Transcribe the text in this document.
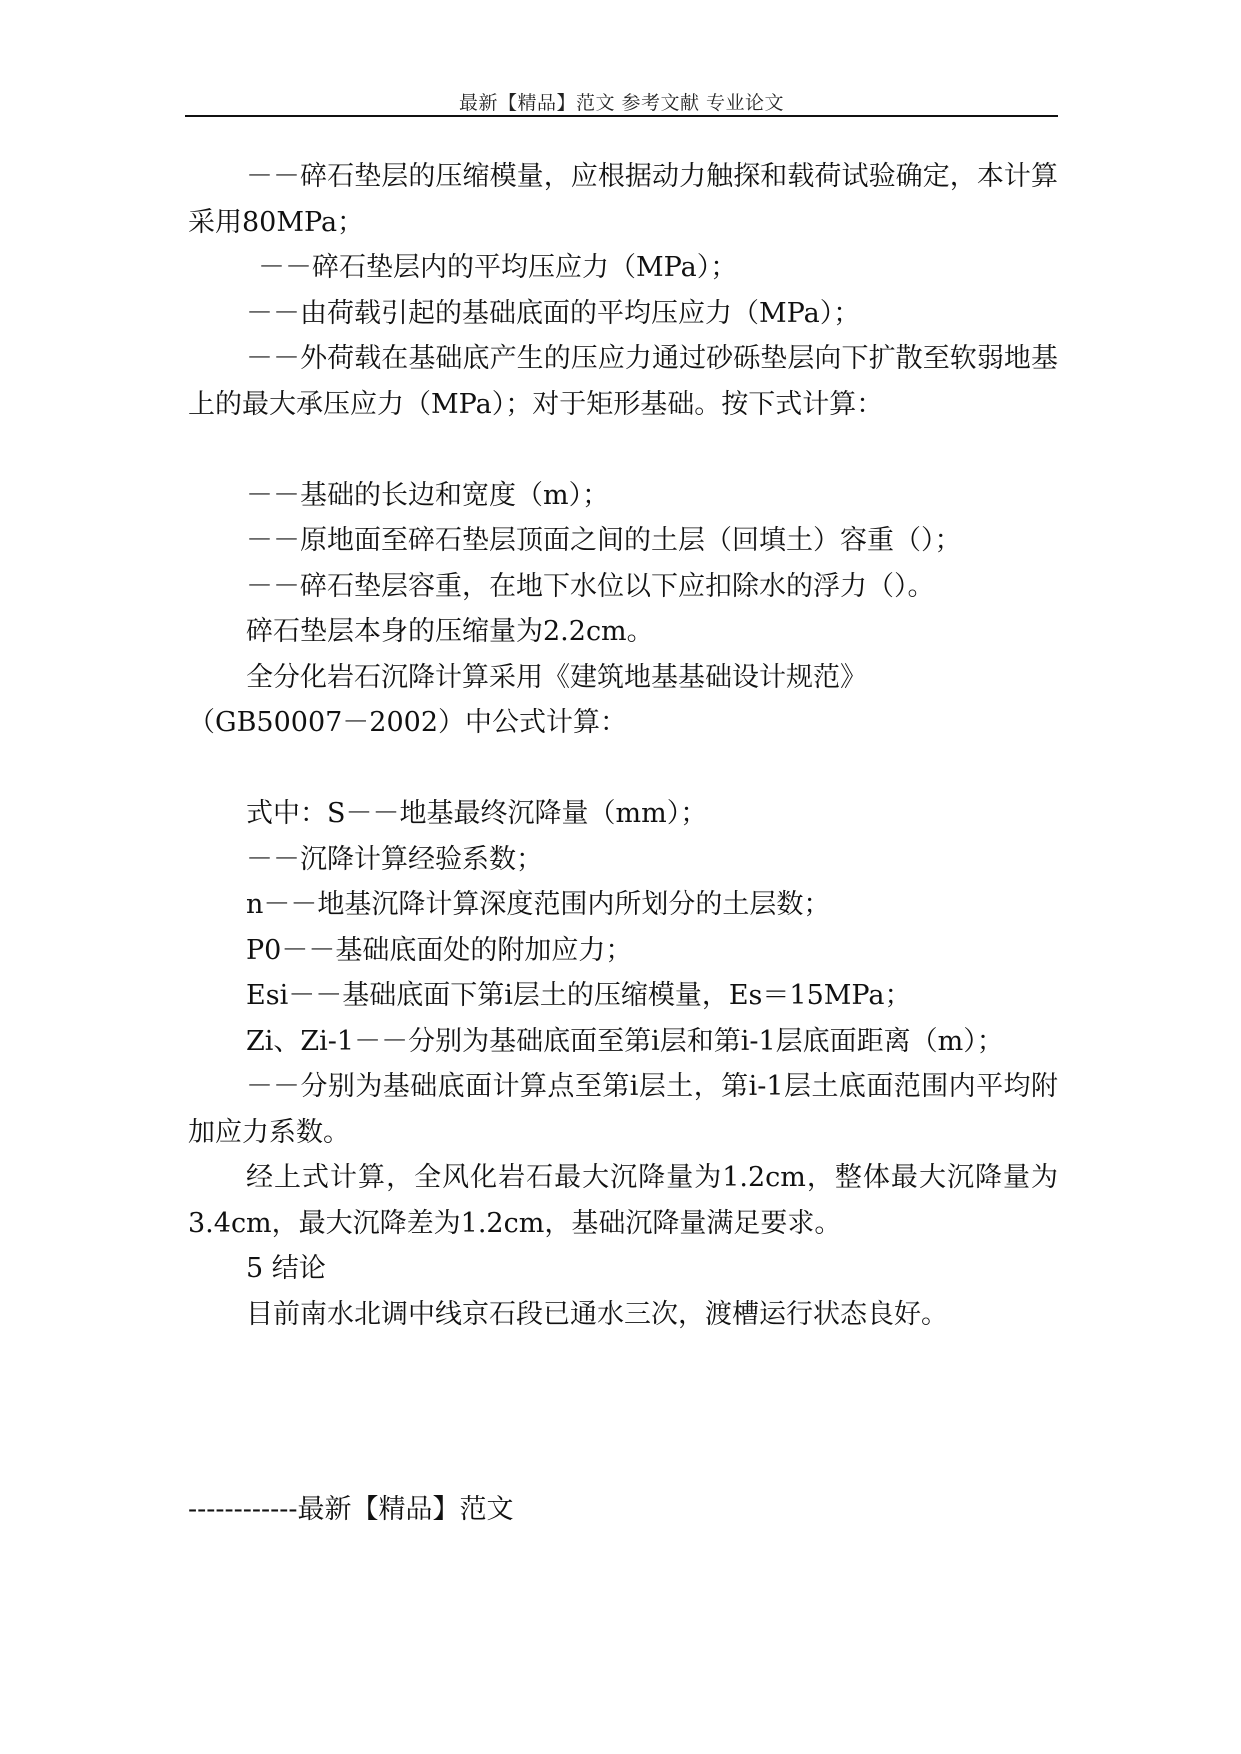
最新【精品】范文 参考文献 专业论文

－－碎石垫层的压缩模量，应根据动力触探和载荷试验确定，本计算采用80MPa；

－－碎石垫层内的平均压应力（MPa）；

－－由荷载引起的基础底面的平均压应力（MPa）；

－－外荷载在基础底产生的压应力通过砂砾垫层向下扩散至软弱地基上的最大承压应力（MPa）；对于矩形基础。按下式计算：

－－基础的长边和宽度（m）；

－－原地面至碎石垫层顶面之间的土层（回填土）容重（）；

－－碎石垫层容重，在地下水位以下应扣除水的浮力（）。

碎石垫层本身的压缩量为2.2cm。

全分化岩石沉降计算采用《建筑地基基础设计规范》

（GB50007－2002）中公式计算：

式中：S－－地基最终沉降量（mm）；

－－沉降计算经验系数；

n－－地基沉降计算深度范围内所划分的土层数；

P0－－基础底面处的附加应力；

Esi－－基础底面下第i层土的压缩模量，Es＝15MPa；

Zi、Zi-1－－分别为基础底面至第i层和第i-1层底面距离（m）；

－－分别为基础底面计算点至第i层土，第i-1层土底面范围内平均附加应力系数。

经上式计算，全风化岩石最大沉降量为1.2cm，整体最大沉降量为3.4cm，最大沉降差为1.2cm，基础沉降量满足要求。

5 结论

目前南水北调中线京石段已通水三次，渡槽运行状态良好。

------------最新【精品】范文
